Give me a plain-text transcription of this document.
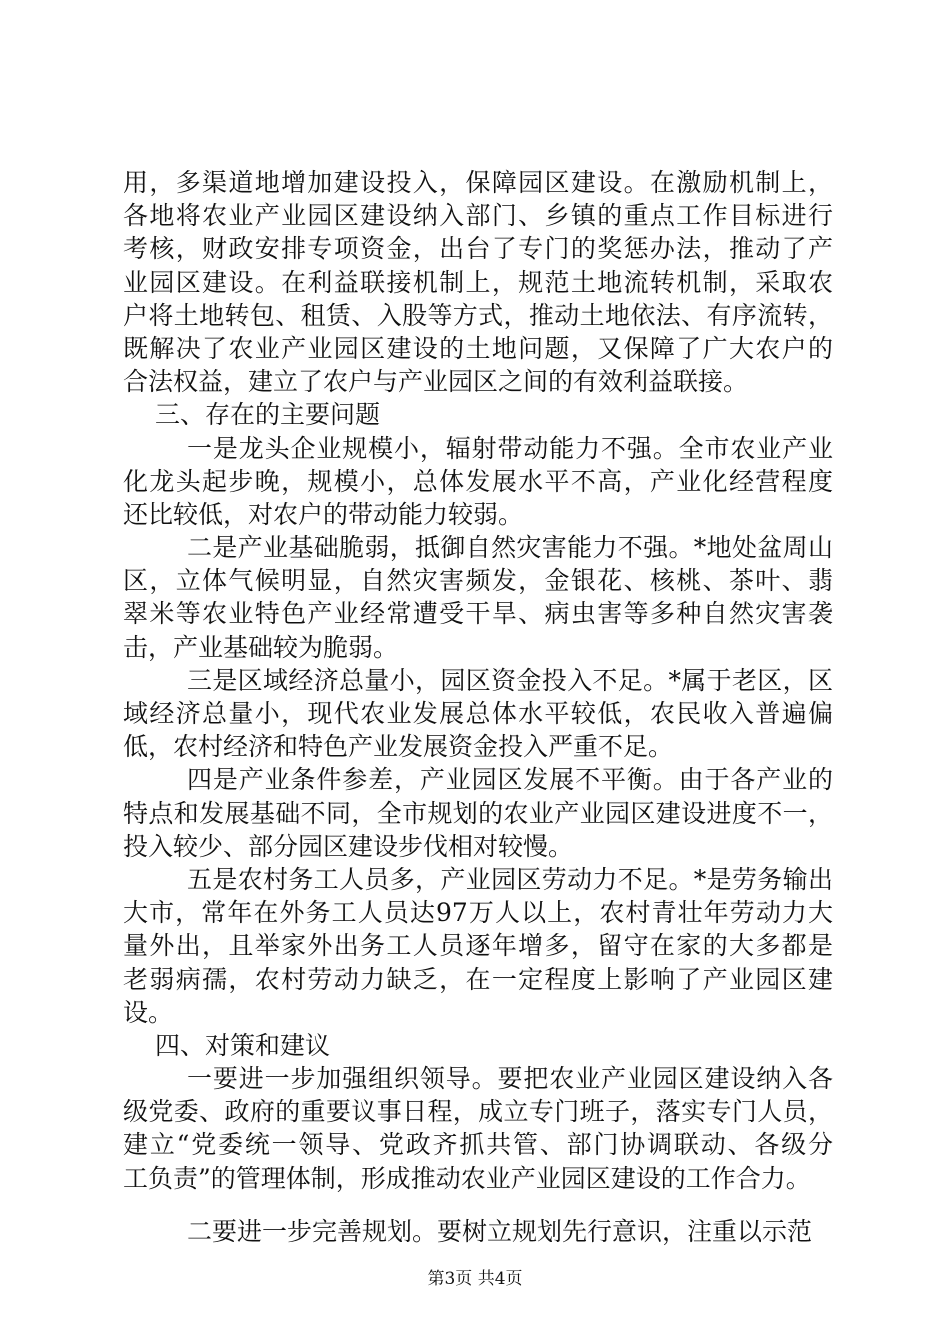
用，多渠道地增加建设投入，保障园区建设。在激励机制上，
各地将农业产业园区建设纳入部门、乡镇的重点工作目标进行
考核，财政安排专项资金，出台了专门的奖惩办法，推动了产
业园区建设。在利益联接机制上，规范土地流转机制，采取农
户将土地转包、租赁、入股等方式，推动土地依法、有序流转，
既解决了农业产业园区建设的土地问题，又保障了广大农户的
合法权益，建立了农户与产业园区之间的有效利益联接。
三、存在的主要问题
一是龙头企业规模小，辐射带动能力不强。全市农业产业
化龙头起步晚，规模小，总体发展水平不高，产业化经营程度
还比较低，对农户的带动能力较弱。
二是产业基础脆弱，抵御自然灾害能力不强。*地处盆周山
区，立体气候明显，自然灾害频发，金银花、核桃、茶叶、翡
翠米等农业特色产业经常遭受干旱、病虫害等多种自然灾害袭
击，产业基础较为脆弱。
三是区域经济总量小，园区资金投入不足。*属于老区，区
域经济总量小，现代农业发展总体水平较低，农民收入普遍偏
低，农村经济和特色产业发展资金投入严重不足。
四是产业条件参差，产业园区发展不平衡。由于各产业的
特点和发展基础不同，全市规划的农业产业园区建设进度不一，
投入较少、部分园区建设步伐相对较慢。
五是农村务工人员多，产业园区劳动力不足。*是劳务输出
大市，常年在外务工人员达97万人以上，农村青壮年劳动力大
量外出，且举家外出务工人员逐年增多，留守在家的大多都是
老弱病孺，农村劳动力缺乏，在一定程度上影响了产业园区建
设。
四、对策和建议
一要进一步加强组织领导。要把农业产业园区建设纳入各
级党委、政府的重要议事日程，成立专门班子，落实专门人员，
建立“党委统一领导、党政齐抓共管、部门协调联动、各级分
工负责”的管理体制，形成推动农业产业园区建设的工作合力。
二要进一步完善规划。要树立规划先行意识，注重以示范
第3页 共4页
